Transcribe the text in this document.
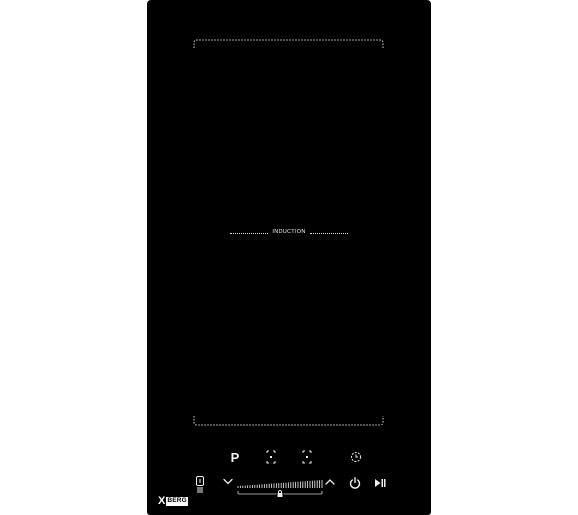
INDUCTION
P
X BERG
